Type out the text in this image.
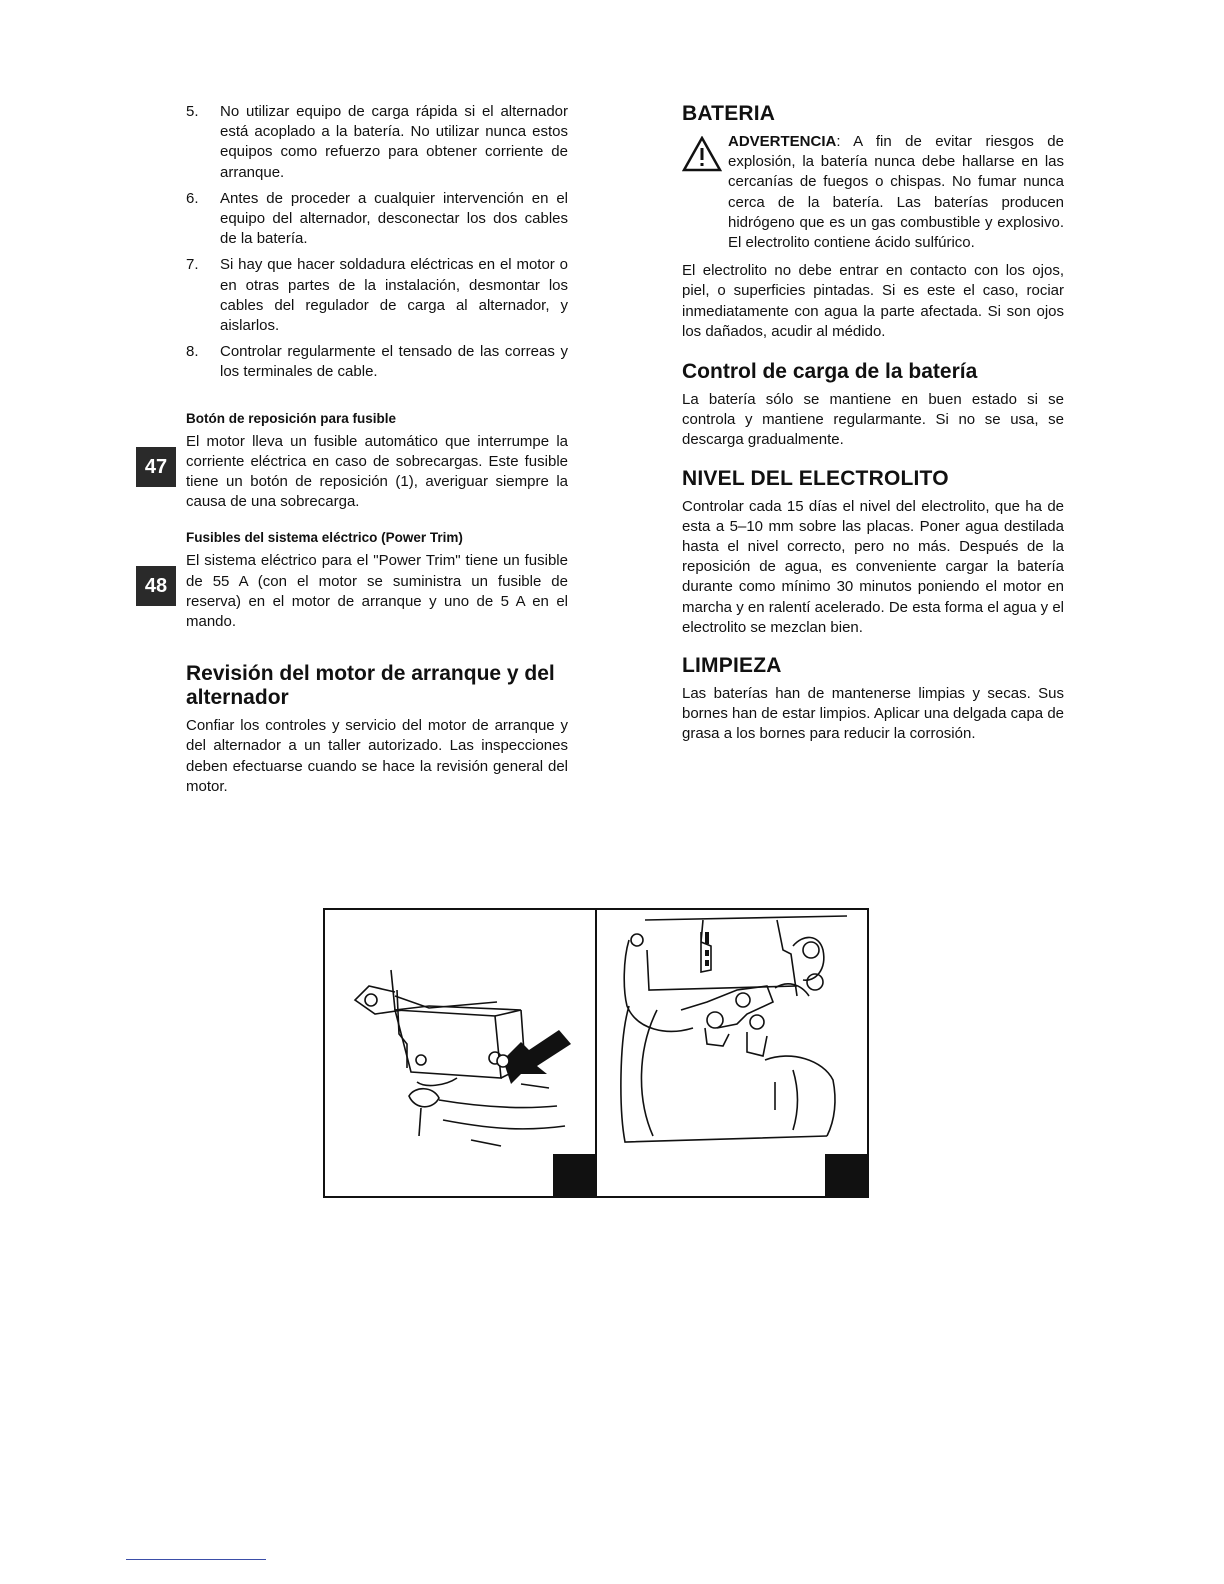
5. No utilizar equipo de carga rápida si el alternador está acoplado a la batería. No utilizar nunca estos equipos como refuerzo para obtener corriente de arranque.
6. Antes de proceder a cualquier intervención en el equipo del alternador, desconectar los dos cables de la batería.
7. Si hay que hacer soldadura eléctricas en el motor o en otras partes de la instalación, desmontar los cables del regulador de carga al alternador, y aislarlos.
8. Controlar regularmente el tensado de las correas y los terminales de cable.
Botón de reposición para fusible

El motor lleva un fusible automático que interrumpe la corriente eléctrica en caso de sobrecargas. Este fusible tiene un botón de reposición (1), averiguar siempre la causa de una sobrecarga.

Fusibles del sistema eléctrico (Power Trim)

El sistema eléctrico para el "Power Trim" tiene un fusible de 55 A (con el motor se suministra un fusible de reserva) en el motor de arranque y uno de 5 A en el mando.

Revisión del motor de arranque y del alternador

Confiar los controles y servicio del motor de arranque y del alternador a un taller autorizado. Las inspecciones deben efectuarse cuando se hace la revisión general del motor.

47
48
BATERIA

ADVERTENCIA: A fin de evitar riesgos de explosión, la batería nunca debe hallarse en las cercanías de fuegos o chispas. No fumar nunca cerca de la batería. Las baterías producen hidrógeno que es un gas combustible y explosivo. El electrolito contiene ácido sulfúrico.

El electrolito no debe entrar en contacto con los ojos, piel, o superficies pintadas. Si es este el caso, rociar inmediatamente con agua la parte afectada. Si son ojos los dañados, acudir al médido.

Control de carga de la batería

La batería sólo se mantiene en buen estado si se controla y mantiene regularmante. Si no se usa, se descarga gradualmente.

NIVEL DEL ELECTROLITO

Controlar cada 15 días el nivel del electrolito, que ha de esta a 5–10 mm sobre las placas. Poner agua destilada hasta el nivel correcto, pero no más. Después de la reposición de agua, es conveniente cargar la batería durante como mínimo 30 minutos poniendo el motor en marcha y en ralentí acelerado. De esta forma el agua y el electrolito se mezclan bien.

LIMPIEZA

Las baterías han de mantenerse limpias y secas. Sus bornes han de estar limpios. Aplicar una delgada capa de grasa a los bornes para reducir la corrosión.
